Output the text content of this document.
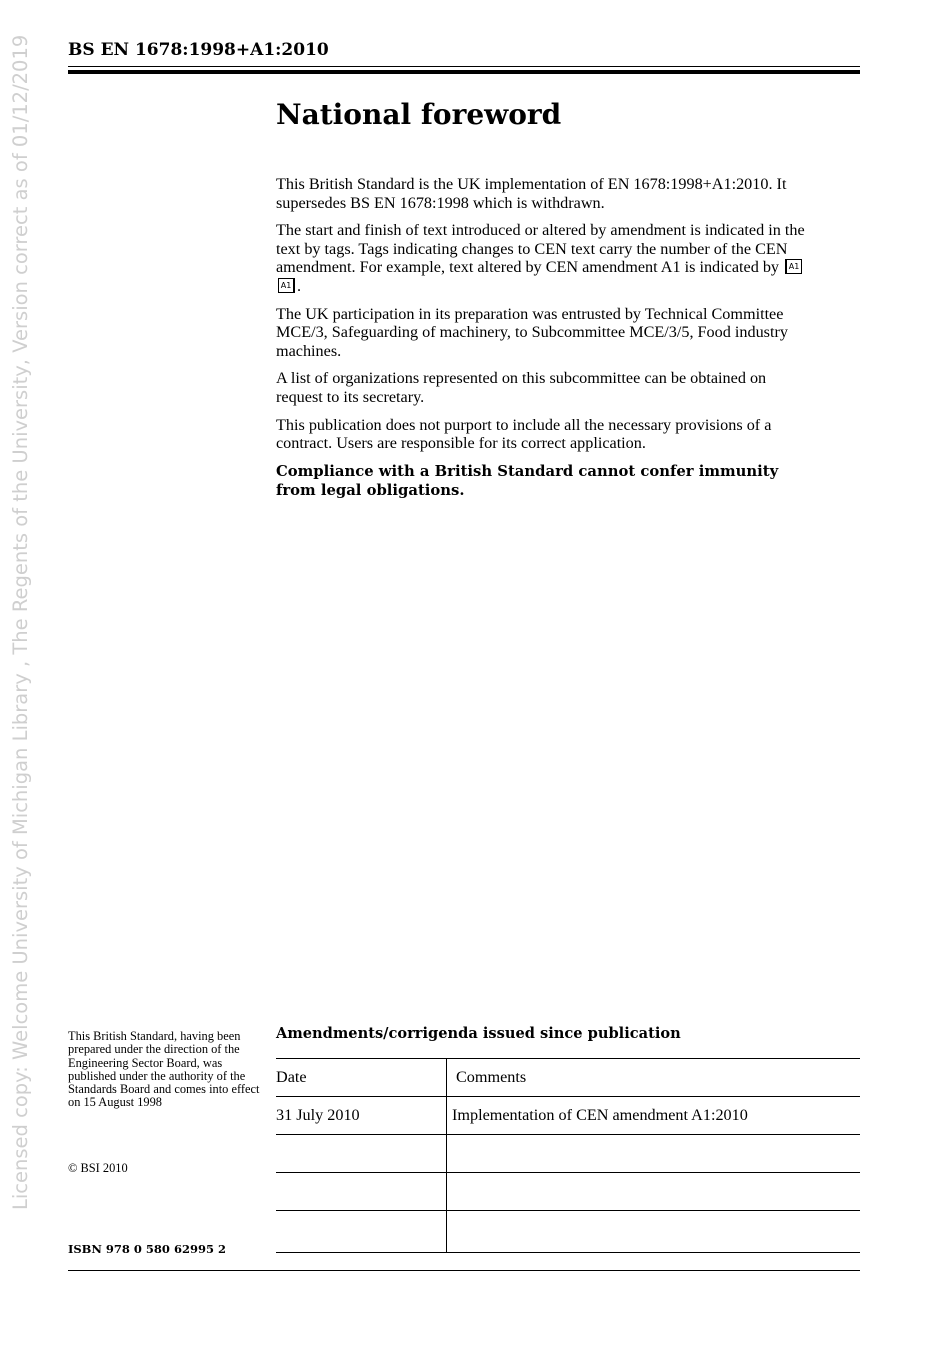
BS EN 1678:1998+A1:2010
Licensed copy: Welcome University of Michigan Library , The Regents of the University, Version correct as of 01/12/2019	National foreword

This British Standard is the UK implementation of EN 1678:1998+A1:2010. It supersedes BS EN 1678:1998 which is withdrawn.

The start and finish of text introduced or altered by amendment is indicated in the text by tags. Tags indicating changes to CEN text carry the number of the CEN amendment. For example, text altered by CEN amendment A1 is indicated by A1A1 .

The UK participation in its preparation was entrusted by Technical Committee MCE/3, Safeguarding of machinery, to Subcommittee MCE/3/5, Food industry machines.

A list of organizations represented on this subcommittee can be obtained on request to its secretary.

This publication does not purport to include all the necessary provisions of a contract. Users are responsible for its correct application.

Compliance with a British Standard cannot confer immunity from legal obligations.

This British Standard, having been prepared under the direction of the Engineering Sector Board, was published under the authority of the Standards Board and comes into effect on 15 August 1998
© BSI 2010
ISBN 978 0 580 62995 2
Amendments/corrigenda issued since publication
Date	Comments
31 July 2010	Implementation of CEN amendment A1:2010
